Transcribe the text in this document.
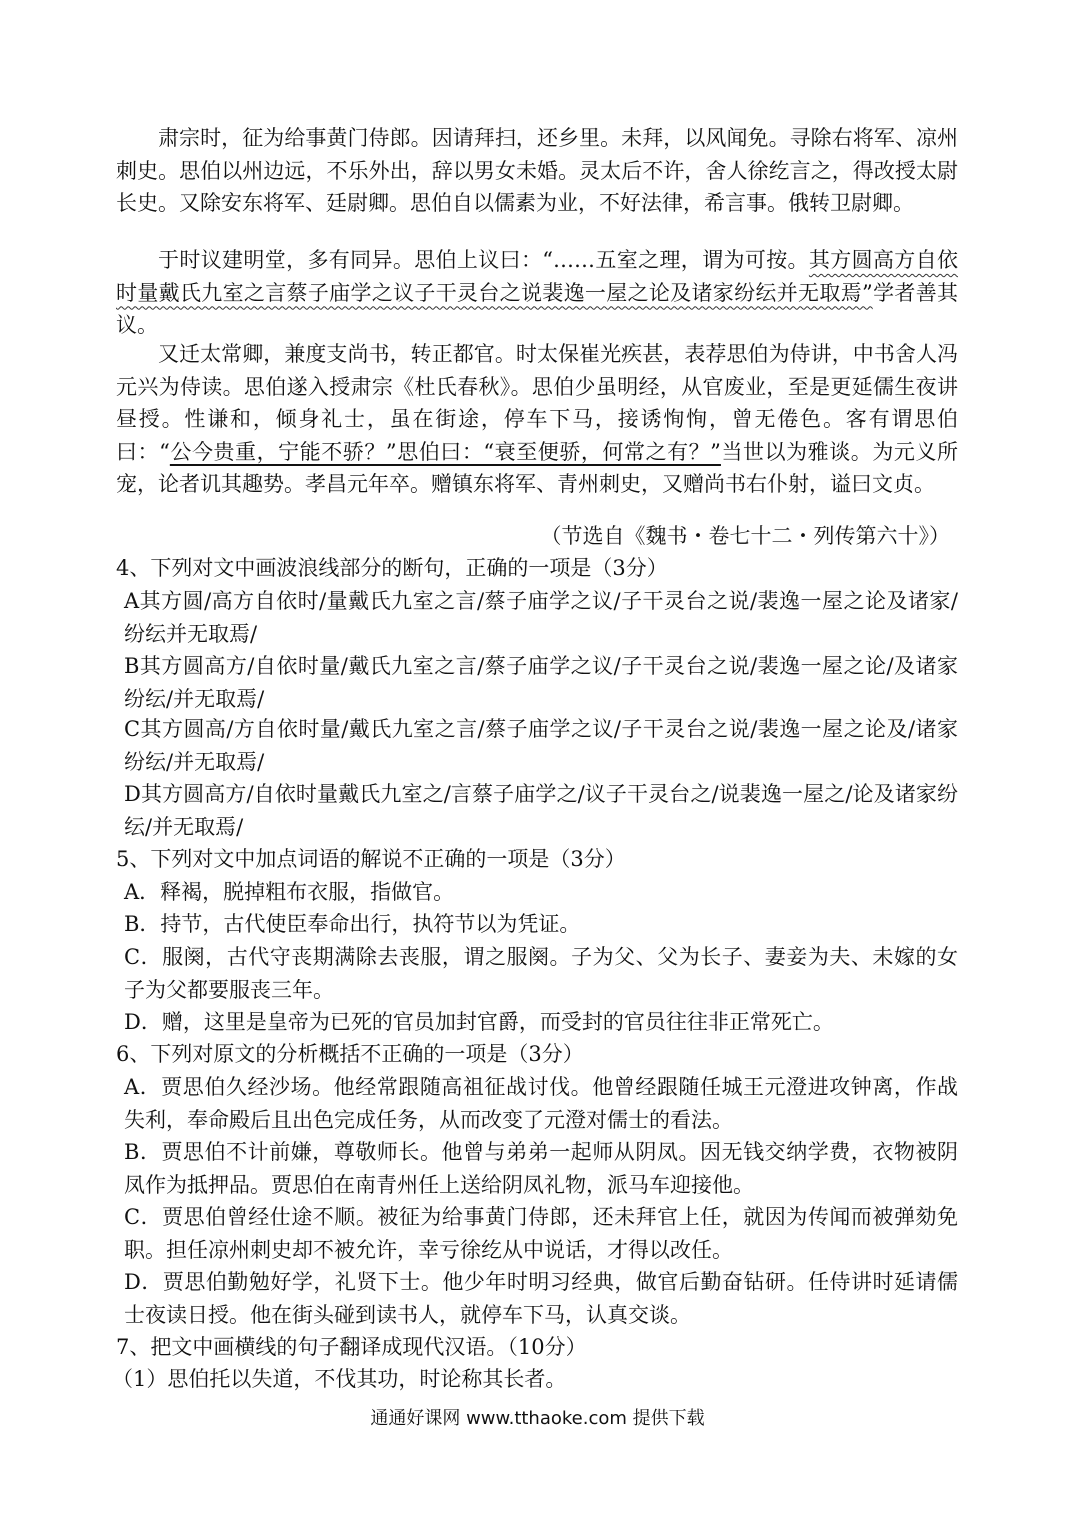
肃宗时，征为给事黄门侍郎。因请拜扫，还乡里。未拜，以风闻免。寻除右将军、凉州刺史。思伯以州边远，不乐外出，辞以男女未婚。灵太后不许，舍人徐纥言之，得改授太尉长史。又除安东将军、廷尉卿。思伯自以儒素为业，不好法律，希言事。俄转卫尉卿。

于时议建明堂，多有同异。思伯上议曰：“……五室之理，谓为可按。其方圆高方自依时量戴氏九室之言蔡子庙学之议子干灵台之说裴逸一屋之论及诸家纷纭并无取焉”学者善其议。

又迁太常卿，兼度支尚书，转正都官。时太保崔光疾甚，表荐思伯为侍讲，中书舍人冯元兴为侍读。思伯遂入授肃宗《杜氏春秋》。思伯少虽明经，从官废业，至是更延儒生夜讲昼授。性谦和，倾身礼士，虽在街途，停车下马，接诱恂恂，曾无倦色。客有谓思伯曰：“公今贵重，宁能不骄？”思伯曰：“衰至便骄，何常之有？”当世以为雅谈。为元义所宠，论者讥其趣势。孝昌元年卒。赠镇东将军、青州刺史，又赠尚书右仆射，谥曰文贞。

（节选自《魏书・卷七十二・列传第六十》）

4、下列对文中画波浪线部分的断句，正确的一项是（3分）

A其方圆/高方自依时/量戴氏九室之言/蔡子庙学之议/子干灵台之说/裴逸一屋之论及诸家/纷纭并无取焉/

B其方圆高方/自依时量/戴氏九室之言/蔡子庙学之议/子干灵台之说/裴逸一屋之论/及诸家纷纭/并无取焉/

C其方圆高/方自依时量/戴氏九室之言/蔡子庙学之议/子干灵台之说/裴逸一屋之论及/诸家纷纭/并无取焉/

D其方圆高方/自依时量戴氏九室之/言蔡子庙学之/议子干灵台之/说裴逸一屋之/论及诸家纷纭/并无取焉/

5、下列对文中加点词语的解说不正确的一项是（3分）

A．释褐，脱掉粗布衣服，指做官。

B．持节，古代使臣奉命出行，执符节以为凭证。

C．服阕，古代守丧期满除去丧服，谓之服阕。子为父、父为长子、妻妾为夫、未嫁的女子为父都要服丧三年。

D．赠，这里是皇帝为已死的官员加封官爵，而受封的官员往往非正常死亡。

6、下列对原文的分析概括不正确的一项是（3分）

A．贾思伯久经沙场。他经常跟随高祖征战讨伐。他曾经跟随任城王元澄进攻钟离，作战失利，奉命殿后且出色完成任务，从而改变了元澄对儒士的看法。

B．贾思伯不计前嫌，尊敬师长。他曾与弟弟一起师从阴凤。因无钱交纳学费，衣物被阴凤作为抵押品。贾思伯在南青州任上送给阴凤礼物，派马车迎接他。

C．贾思伯曾经仕途不顺。被征为给事黄门侍郎，还未拜官上任，就因为传闻而被弹劾免职。担任凉州刺史却不被允许，幸亏徐纥从中说话，才得以改任。

D．贾思伯勤勉好学，礼贤下士。他少年时明习经典，做官后勤奋钻研。任侍讲时延请儒士夜读日授。他在街头碰到读书人，就停车下马，认真交谈。

7、把文中画横线的句子翻译成现代汉语。（10分）

（1）思伯托以失道，不伐其功，时论称其长者。

通通好课网 www.tthaoke.com 提供下载
